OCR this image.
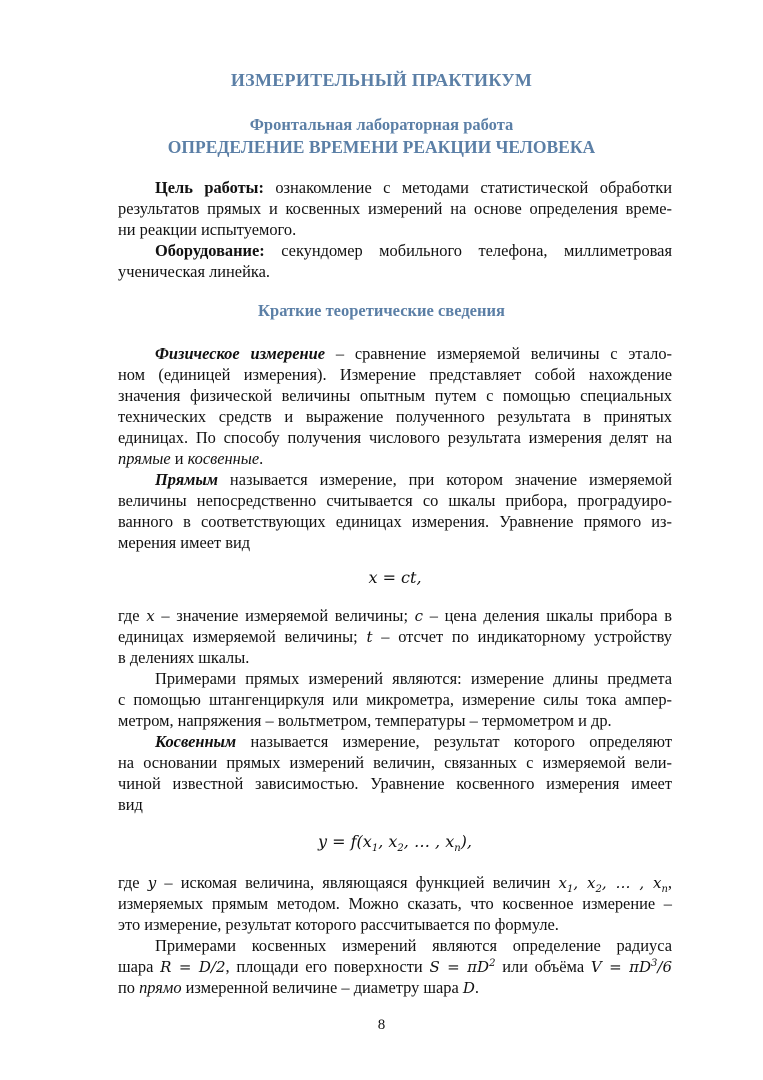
ИЗМЕРИТЕЛЬНЫЙ ПРАКТИКУМ
Фронтальная лабораторная работа
ОПРЕДЕЛЕНИЕ ВРЕМЕНИ РЕАКЦИИ ЧЕЛОВЕКА
Цель работы: ознакомление с методами статистической обработки
результатов прямых и косвенных измерений на основе определения време-
ни реакции испытуемого.
Оборудование: секундомер мобильного телефона, миллиметровая
ученическая линейка.
Краткие теоретические сведения
Физическое измерение – сравнение измеряемой величины с этало-
ном (единицей измерения). Измерение представляет собой нахождение
значения физической величины опытным путем с помощью специальных
технических средств и выражение полученного результата в принятых
единицах. По способу получения числового результата измерения делят на
прямые и косвенные.
Прямым называется измерение, при котором значение измеряемой
величины непосредственно считывается со шкалы прибора, проградуиро-
ванного в соответствующих единицах измерения. Уравнение прямого из-
мерения имеет вид
x = ct,
где x – значение измеряемой величины; c – цена деления шкалы прибора в
единицах измеряемой величины; t – отсчет по индикаторному устройству
в делениях шкалы.
Примерами прямых измерений являются: измерение длины предмета
с помощью штангенциркуля или микрометра, измерение силы тока ампер-
метром, напряжения – вольтметром, температуры – термометром и др.
Косвенным называется измерение, результат которого определяют
на основании прямых измерений величин, связанных с измеряемой вели-
чиной известной зависимостью. Уравнение косвенного измерения имеет
вид
$y = f(x_1$, $x_2$, … , $x_n$),
где y – искомая величина, являющаяся функцией величин $x_1$, $x_2$, … , $x_n$,
измеряемых прямым методом. Можно сказать, что косвенное измерение –
это измерение, результат которого рассчитывается по формуле.
Примерами косвенных измерений являются определение радиуса
шара R = D/2, площади его поверхности $S = \pi D^2$ или объёма $V = \pi D^3/6$
по прямо измеренной величине – диаметру шара D.
8
